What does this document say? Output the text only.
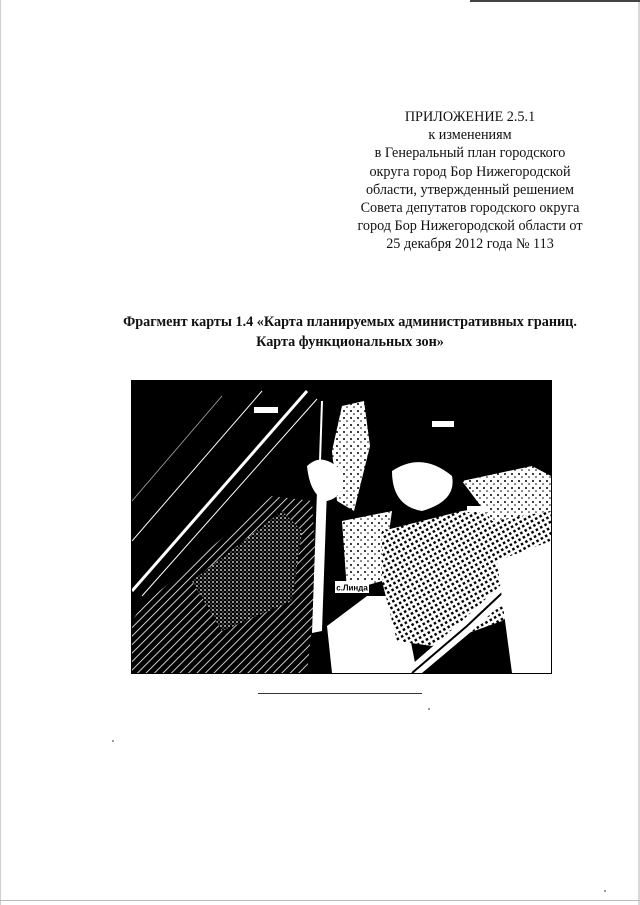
ПРИЛОЖЕНИЕ 2.5.1
к изменениям
в Генеральный план городского
округа город Бор Нижегородской
области, утвержденный решением
Совета депутатов городского округа
город Бор Нижегородской области от
25 декабря 2012 года № 113
Фрагмент карты 1.4 «Карта планируемых административных границ.
Карта функциональных зон»
с.Линда
